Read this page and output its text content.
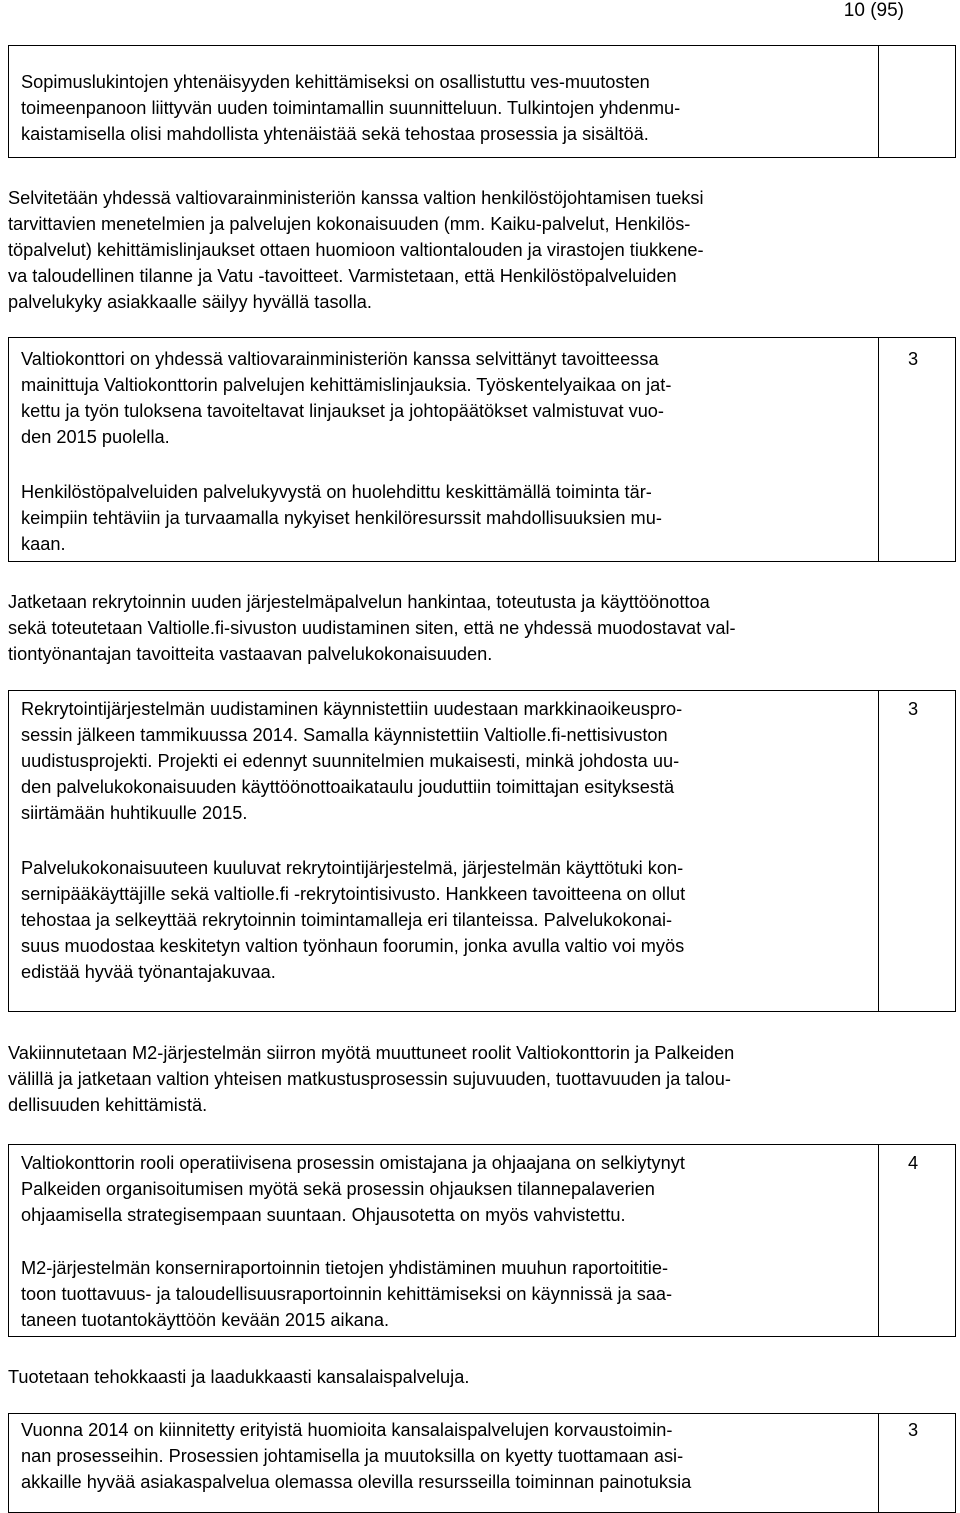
10 (95)

Sopimuslukintojen yhtenäisyyden kehittämiseksi on osallistuttu ves-muutosten
toimeenpanoon liittyvän uuden toimintamallin suunnitteluun. Tulkintojen yhdenmu-
kaistamisella olisi mahdollista yhtenäistää sekä tehostaa prosessia ja sisältöä.

Selvitetään yhdessä valtiovarainministeriön kanssa valtion henkilöstöjohtamisen tueksi
tarvittavien menetelmien ja palvelujen kokonaisuuden (mm. Kaiku-palvelut, Henkilös-
töpalvelut) kehittämislinjaukset ottaen huomioon valtiontalouden ja virastojen tiukkene-
va taloudellinen tilanne ja Vatu -tavoitteet. Varmistetaan, että Henkilöstöpalveluiden
palvelukyky asiakkaalle säilyy hyvällä tasolla.

Valtiokonttori on yhdessä valtiovarainministeriön kanssa selvittänyt tavoitteessa
mainittuja Valtiokonttorin palvelujen kehittämislinjauksia. Työskentelyaikaa on jat-
kettu ja työn tuloksena tavoiteltavat linjaukset ja johtopäätökset valmistuvat vuo-
den 2015 puolella.

Henkilöstöpalveluiden palvelukyvystä on huolehdittu keskittämällä toiminta tär-
keimpiin tehtäviin ja turvaamalla nykyiset henkilöresurssit mahdollisuuksien mu-
kaan.

3

Jatketaan rekrytoinnin uuden järjestelmäpalvelun hankintaa, toteutusta ja käyttöönottoa
sekä toteutetaan Valtiolle.fi-sivuston uudistaminen siten, että ne yhdessä muodostavat val-
tiontyönantajan tavoitteita vastaavan palvelukokonaisuuden.

Rekrytointijärjestelmän uudistaminen käynnistettiin uudestaan markkinaoikeuspro-
sessin jälkeen tammikuussa 2014. Samalla käynnistettiin Valtiolle.fi-nettisivuston
uudistusprojekti. Projekti ei edennyt suunnitelmien mukaisesti, minkä johdosta uu-
den palvelukokonaisuuden käyttöönottoaikataulu jouduttiin toimittajan esityksestä
siirtämään huhtikuulle 2015.

Palvelukokonaisuuteen kuuluvat rekrytointijärjestelmä, järjestelmän käyttötuki kon-
sernipääkäyttäjille sekä valtiolle.fi -rekrytointisivusto. Hankkeen tavoitteena on ollut
tehostaa ja selkeyttää rekrytoinnin toimintamalleja eri tilanteissa. Palvelukokonai-
suus muodostaa keskitetyn valtion työnhaun foorumin, jonka avulla valtio voi myös
edistää hyvää työnantajakuvaa.

3

Vakiinnutetaan M2-järjestelmän siirron myötä muuttuneet roolit Valtiokonttorin ja Palkeiden
välillä ja jatketaan valtion yhteisen matkustusprosessin sujuvuuden, tuottavuuden ja talou-
dellisuuden kehittämistä.

Valtiokonttorin rooli operatiivisena prosessin omistajana ja ohjaajana on selkiytynyt
Palkeiden organisoitumisen myötä sekä prosessin ohjauksen tilannepalaverien
ohjaamisella strategisempaan suuntaan. Ohjausotetta on myös vahvistettu.

M2-järjestelmän konserniraportoinnin tietojen yhdistäminen muuhun raportoititie-
toon tuottavuus- ja taloudellisuusraportoinnin kehittämiseksi on käynnissä ja saa-
taneen tuotantokäyttöön kevään 2015 aikana.

4

Tuotetaan tehokkaasti ja laadukkaasti kansalaispalveluja.

Vuonna 2014 on kiinnitetty erityistä huomioita kansalaispalvelujen korvaustoimin-
nan prosesseihin. Prosessien johtamisella ja muutoksilla on kyetty tuottamaan asi-
akkaille hyvää asiakaspalvelua olemassa olevilla resursseilla toiminnan painotuksia

3
